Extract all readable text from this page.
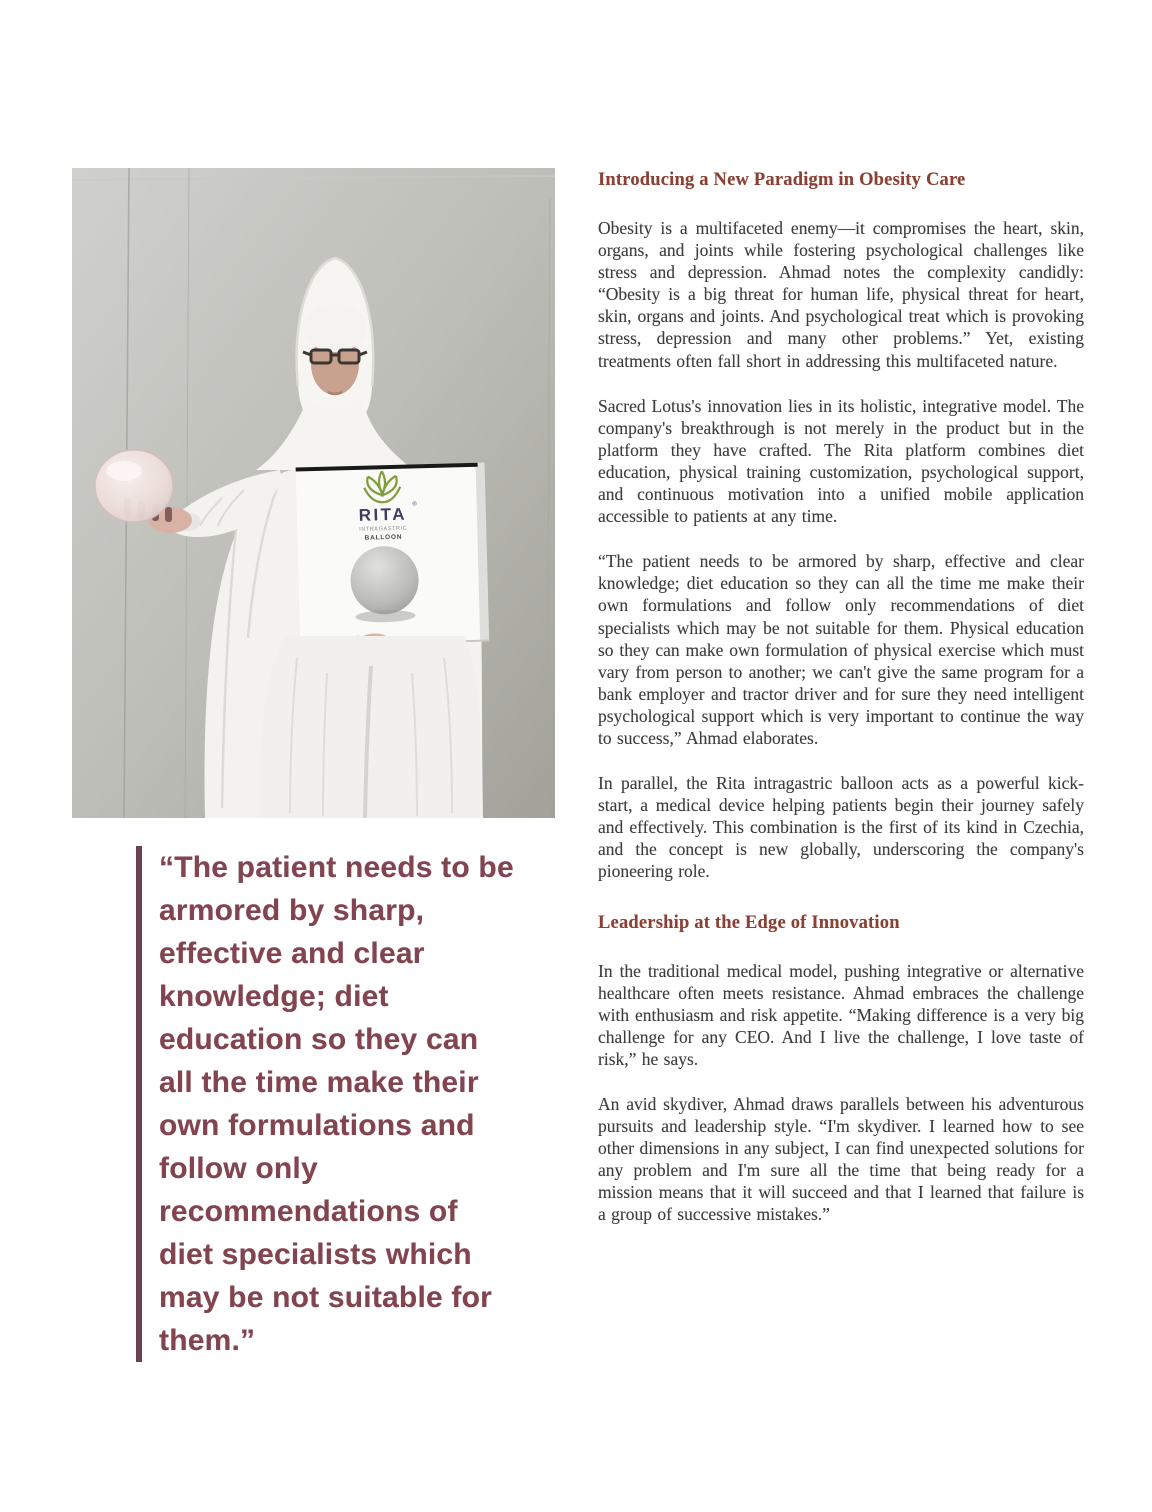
RITA
®
INTRAGASTRIC
BALLOON
“The patient needs to be armored by sharp, effective and clear knowledge; diet education so they can all the time make their own formulations and follow only recommendations of diet specialists which may be not suitable for them.”
Introducing a New Paradigm in Obesity Care

Obesity is a multifaceted enemy—it compromises the heart, skin, organs, and joints while fostering psychological challenges like stress and depression. Ahmad notes the complexity candidly: “Obesity is a big threat for human life, physical threat for heart, skin, organs and joints. And psychological treat which is provoking stress, depression and many other problems.” Yet, existing treatments often fall short in addressing this multifaceted nature.

Sacred Lotus's innovation lies in its holistic, integrative model. The company's breakthrough is not merely in the product but in the platform they have crafted. The Rita platform combines diet education, physical training customization, psychological support, and continuous motivation into a unified mobile application accessible to patients at any time.

“The patient needs to be armored by sharp, effective and clear knowledge; diet education so they can all the time me make their own formulations and follow only recommendations of diet specialists which may be not suitable for them. Physical education so they can make own formulation of physical exercise which must vary from person to another; we can't give the same program for a bank employer and tractor driver and for sure they need intelligent psychological support which is very important to continue the way to success,” Ahmad elaborates.

In parallel, the Rita intragastric balloon acts as a powerful kick-start, a medical device helping patients begin their journey safely and effectively. This combination is the first of its kind in Czechia, and the concept is new globally, underscoring the company's pioneering role.

Leadership at the Edge of Innovation

In the traditional medical model, pushing integrative or alternative healthcare often meets resistance. Ahmad embraces the challenge with enthusiasm and risk appetite. “Making difference is a very big challenge for any CEO. And I live the challenge, I love taste of risk,” he says.

An avid skydiver, Ahmad draws parallels between his adventurous pursuits and leadership style. “I'm skydiver. I learned how to see other dimensions in any subject, I can find unexpected solutions for any problem and I'm sure all the time that being ready for a mission means that it will succeed and that I learned that failure is a group of successive mistakes.”
